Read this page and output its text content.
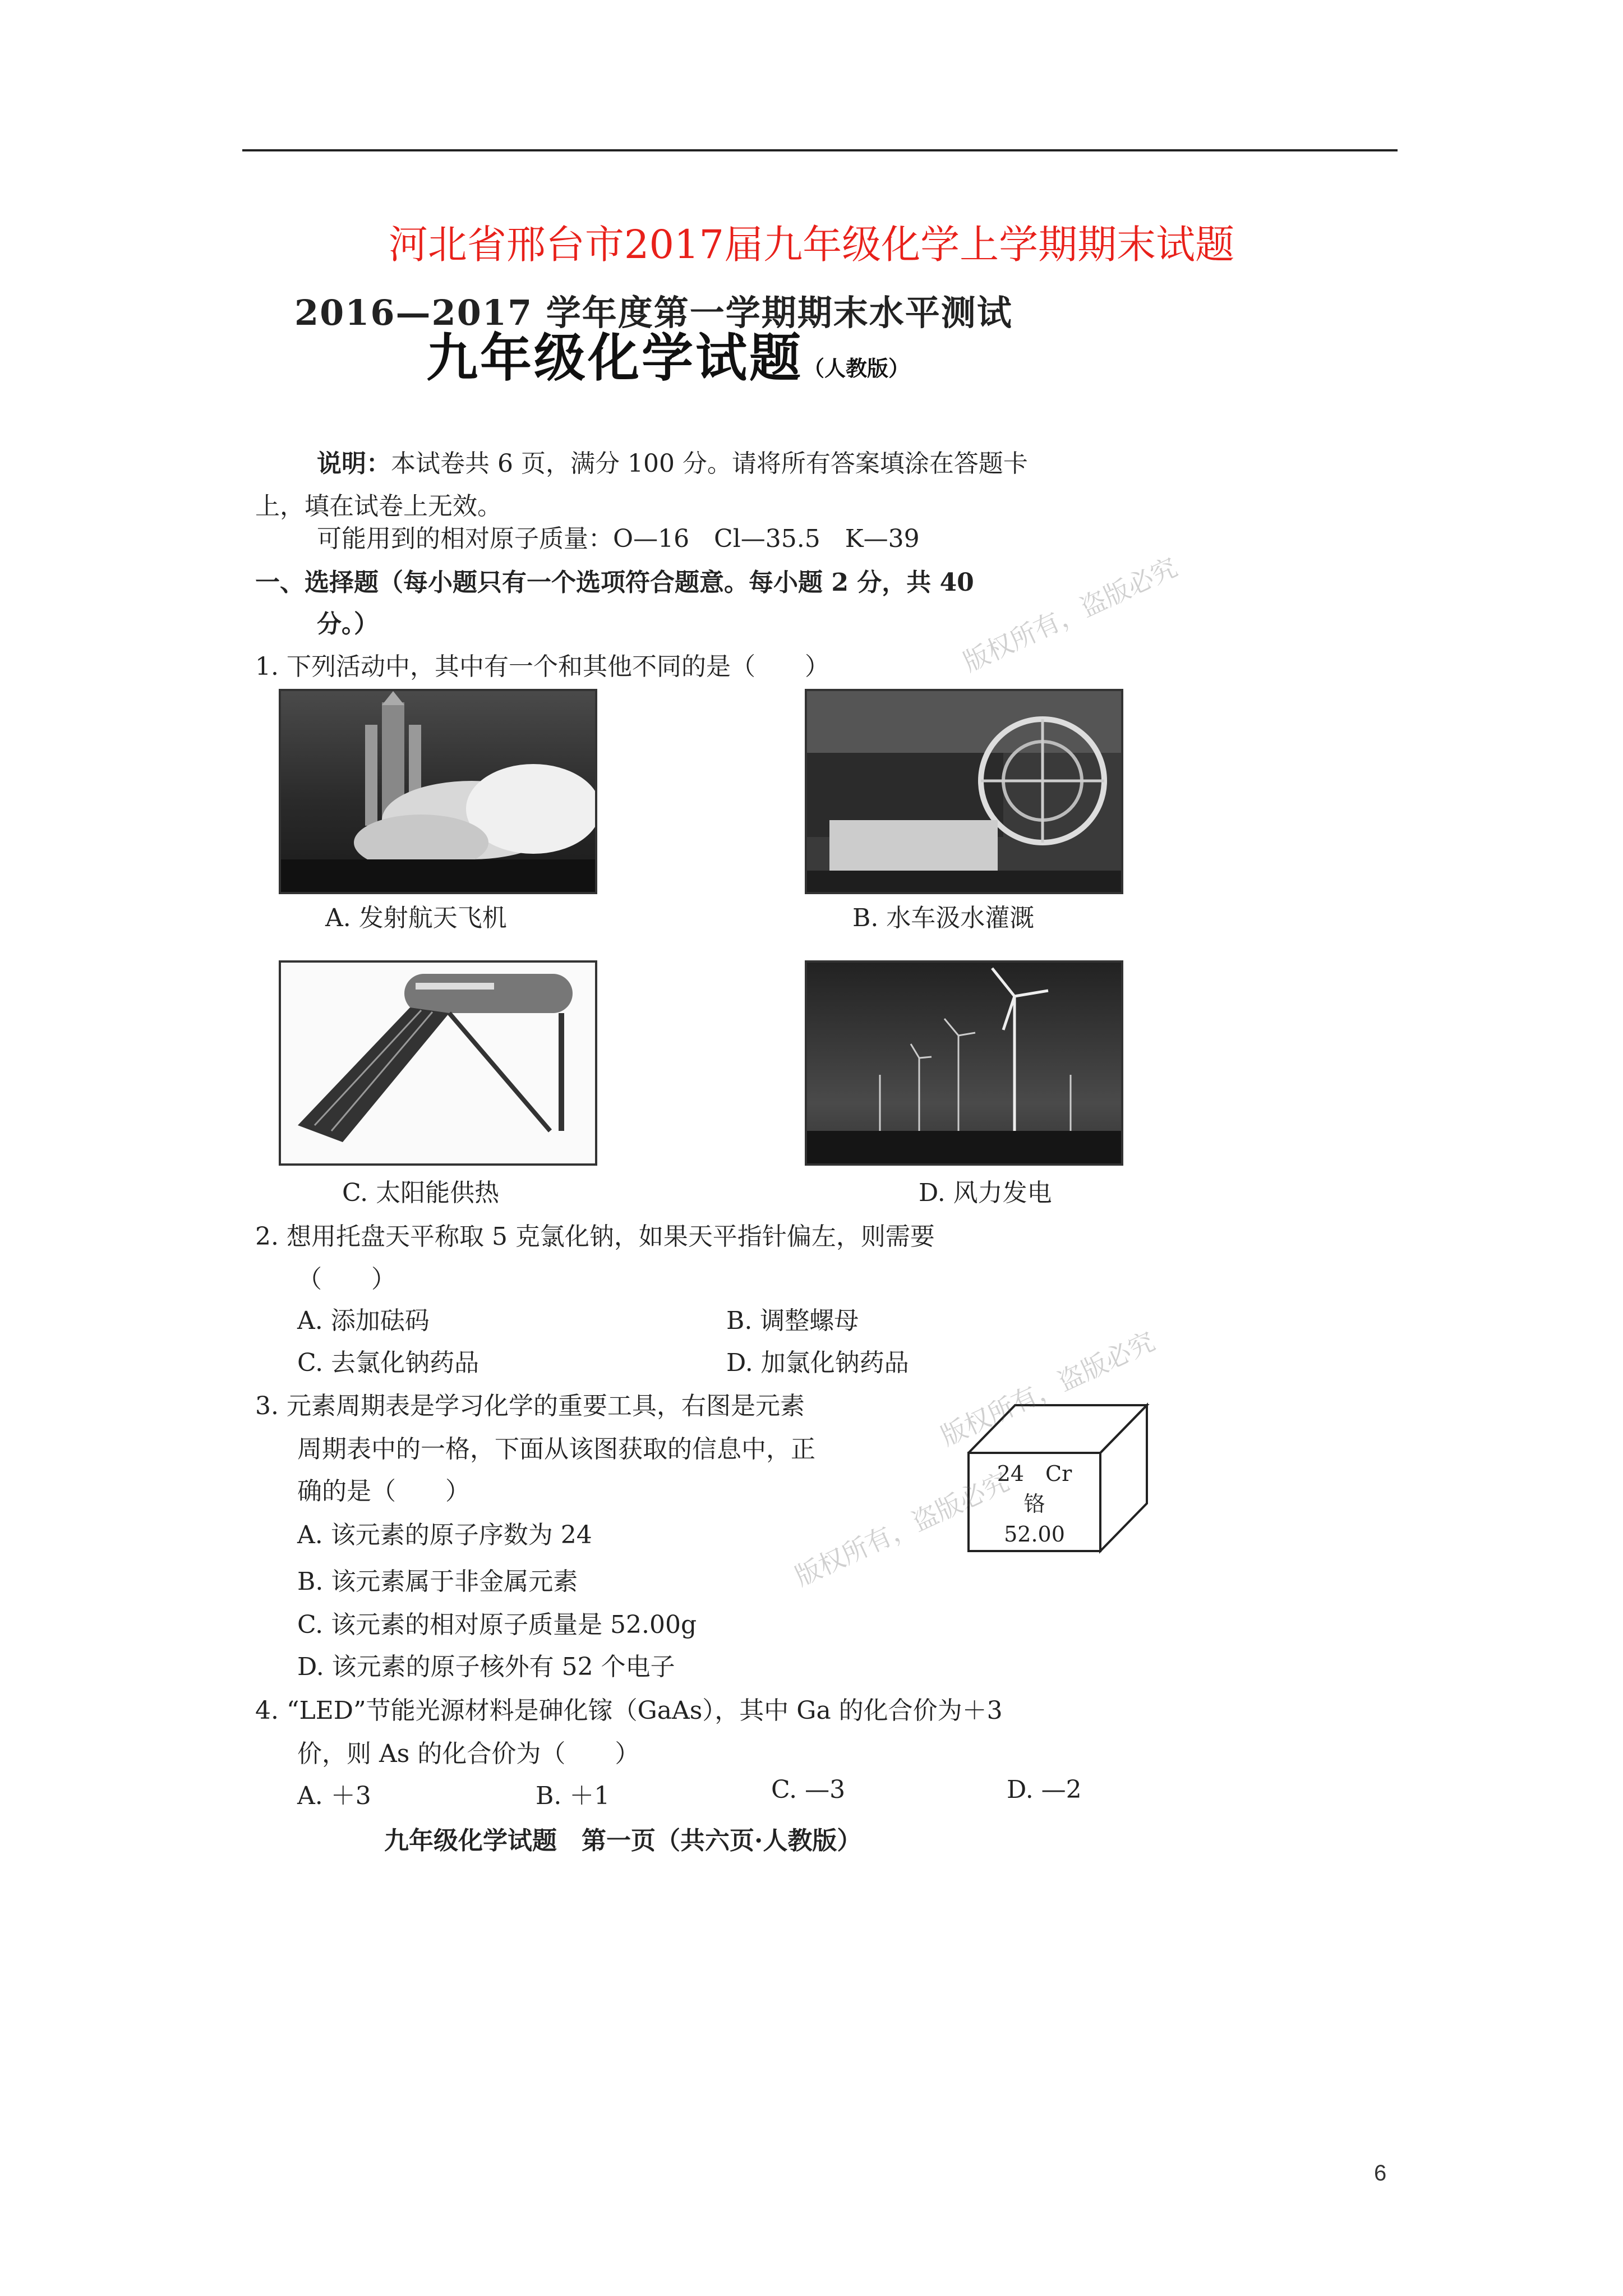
河北省邢台市2017届九年级化学上学期期末试题
2016—2017 学年度第一学期期末水平测试
九年级化学试题（人教版）
说明：本试卷共 6 页，满分 100 分。请将所有答案填涂在答题卡
上，填在试卷上无效。
可能用到的相对原子质量：O—16　Cl—35.5　K—39
一、选择题（每小题只有一个选项符合题意。每小题 2 分，共 40
分。）
1. 下列活动中，其中有一个和其他不同的是（　　）
A. 发射航天飞机	B. 水车汲水灌溉
C. 太阳能供热	D. 风力发电
2. 想用托盘天平称取 5 克氯化钠，如果天平指针偏左，则需要
（　　）
A. 添加砝码	B. 调整螺母
C. 去氯化钠药品	D. 加氯化钠药品
3. 元素周期表是学习化学的重要工具，右图是元素
周期表中的一格，下面从该图获取的信息中，正
确的是（　　）
A. 该元素的原子序数为 24
B. 该元素属于非金属元素
C. 该元素的相对原子质量是 52.00g
D. 该元素的原子核外有 52 个电子
24　Cr
铬
52.00
4. “LED”节能光源材料是砷化镓（GaAs），其中 Ga 的化合价为＋3
价，则 As 的化合价为（　　）
A. ＋3	B. ＋1	C. —3	D. —2
九年级化学试题　第一页（共六页·人教版）
6
版权所有，盗版必究
版权所有，盗版必究
版权所有，盗版必究
